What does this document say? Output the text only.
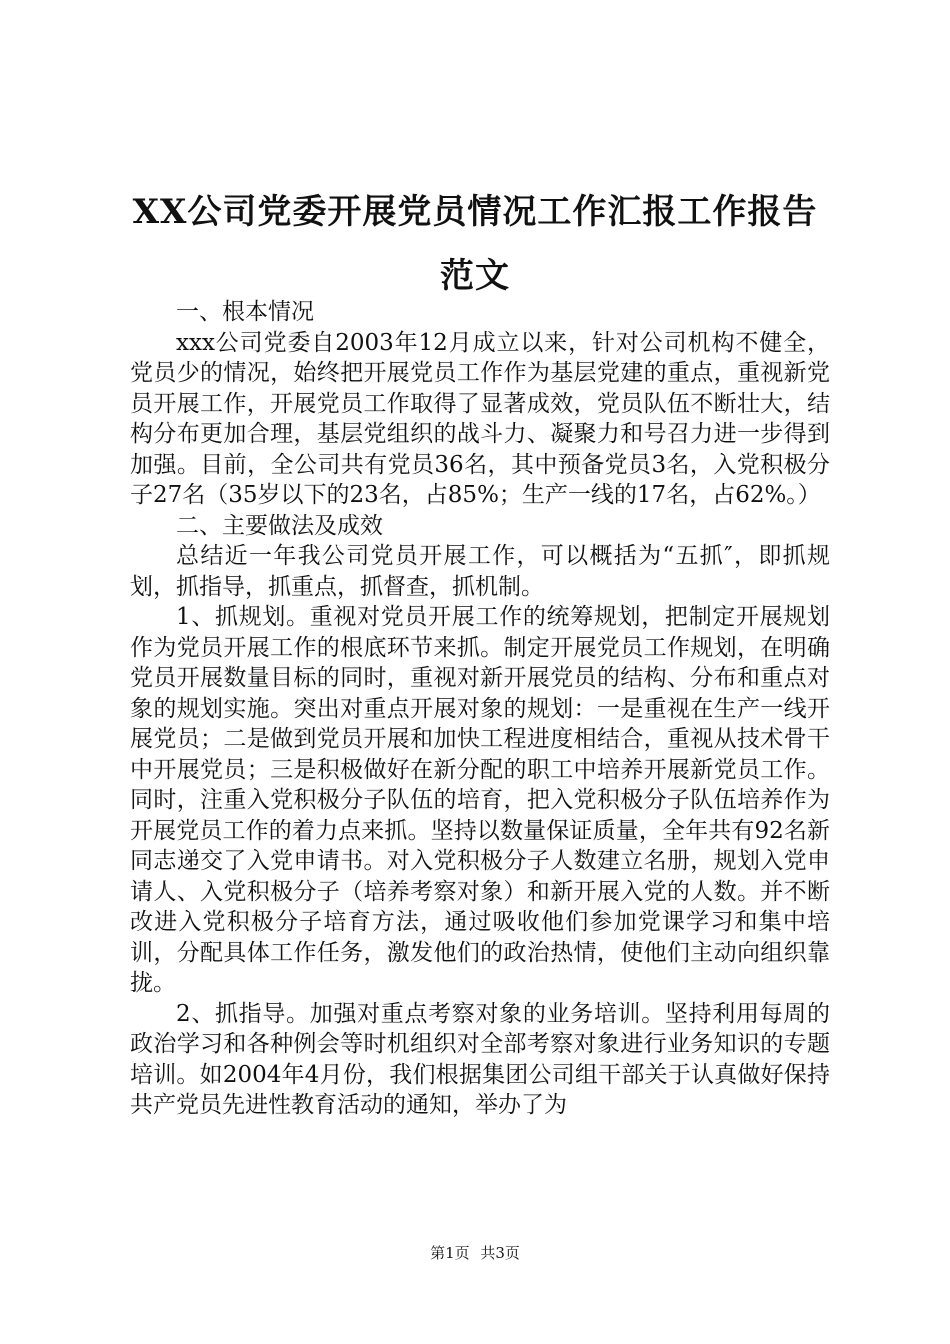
XX公司党委开展党员情况工作汇报工作报告
范文

一、根本情况

xxx公司党委自2003年12月成立以来，针对公司机构不健全，党员少的情况，始终把开展党员工作作为基层党建的重点，重视新党员开展工作，开展党员工作取得了显著成效，党员队伍不断壮大，结构分布更加合理，基层党组织的战斗力、凝聚力和号召力进一步得到加强。目前，全公司共有党员36名，其中预备党员3名，入党积极分子27名（35岁以下的23名，占85%；生产一线的17名，占62%。）

二、主要做法及成效

总结近一年我公司党员开展工作，可以概括为“五抓″，即抓规划，抓指导，抓重点，抓督查，抓机制。

1、抓规划。重视对党员开展工作的统筹规划，把制定开展规划作为党员开展工作的根底环节来抓。制定开展党员工作规划，在明确党员开展数量目标的同时，重视对新开展党员的结构、分布和重点对象的规划实施。突出对重点开展对象的规划：一是重视在生产一线开展党员；二是做到党员开展和加快工程进度相结合，重视从技术骨干中开展党员；三是积极做好在新分配的职工中培养开展新党员工作。同时，注重入党积极分子队伍的培育，把入党积极分子队伍培养作为开展党员工作的着力点来抓。坚持以数量保证质量，全年共有92名新同志递交了入党申请书。对入党积极分子人数建立名册，规划入党申请人、入党积极分子（培养考察对象）和新开展入党的人数。并不断改进入党积极分子培育方法，通过吸收他们参加党课学习和集中培训，分配具体工作任务，激发他们的政治热情，使他们主动向组织靠拢。

2、抓指导。加强对重点考察对象的业务培训。坚持利用每周的政治学习和各种例会等时机组织对全部考察对象进行业务知识的专题培训。如2004年4月份，我们根据集团公司组干部关于认真做好保持共产党员先进性教育活动的通知，举办了为

第1页 共3页
